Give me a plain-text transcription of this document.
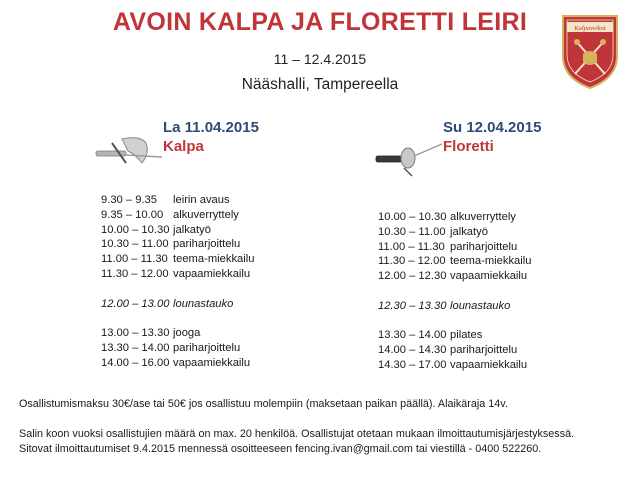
AVOIN KALPA JA FLORETTI LEIRI
11 – 12.4.2015
Nääshalli, Tampereella
Kalpaveikot
La 11.04.2015
Kalpa
9.30 – 9.35	leirin avaus
9.35 – 10.00 alkuverryttely
10.00 – 10.30 jalkatyö
10.30 – 11.00 pariharjoittelu
11.00 – 11.30 teema-miekkailu
11.30 – 12.00 vapaamiekkailu
12.00 – 13.00 lounastauko
13.00 – 13.30 jooga
13.30 – 14.00 pariharjoittelu
14.00 – 16.00 vapaamiekkailu
Su 12.04.2015
Floretti
10.00 – 10.30 alkuverryttely
10.30 – 11.00 jalkatyö
11.00 – 11.30 pariharjoittelu
11.30 – 12.00 teema-miekkailu
12.00 – 12.30 vapaamiekkailu
12.30 – 13.30 lounastauko
13.30 – 14.00 pilates
14.00 – 14.30 pariharjoittelu
14.30 – 17.00 vapaamiekkailu
Osallistumismaksu 30€/ase tai 50€ jos osallistuu molempiin (maksetaan paikan päällä). Alaikäraja 14v.
Salin koon vuoksi osallistujien määrä on max. 20 henkilöä. Osallistujat otetaan mukaan ilmoittautumisjärjestyksessä.
Sitovat ilmoittautumiset 9.4.2015 mennessä osoitteeseen fencing.ivan@gmail.com tai viestillä - 0400 522260.
